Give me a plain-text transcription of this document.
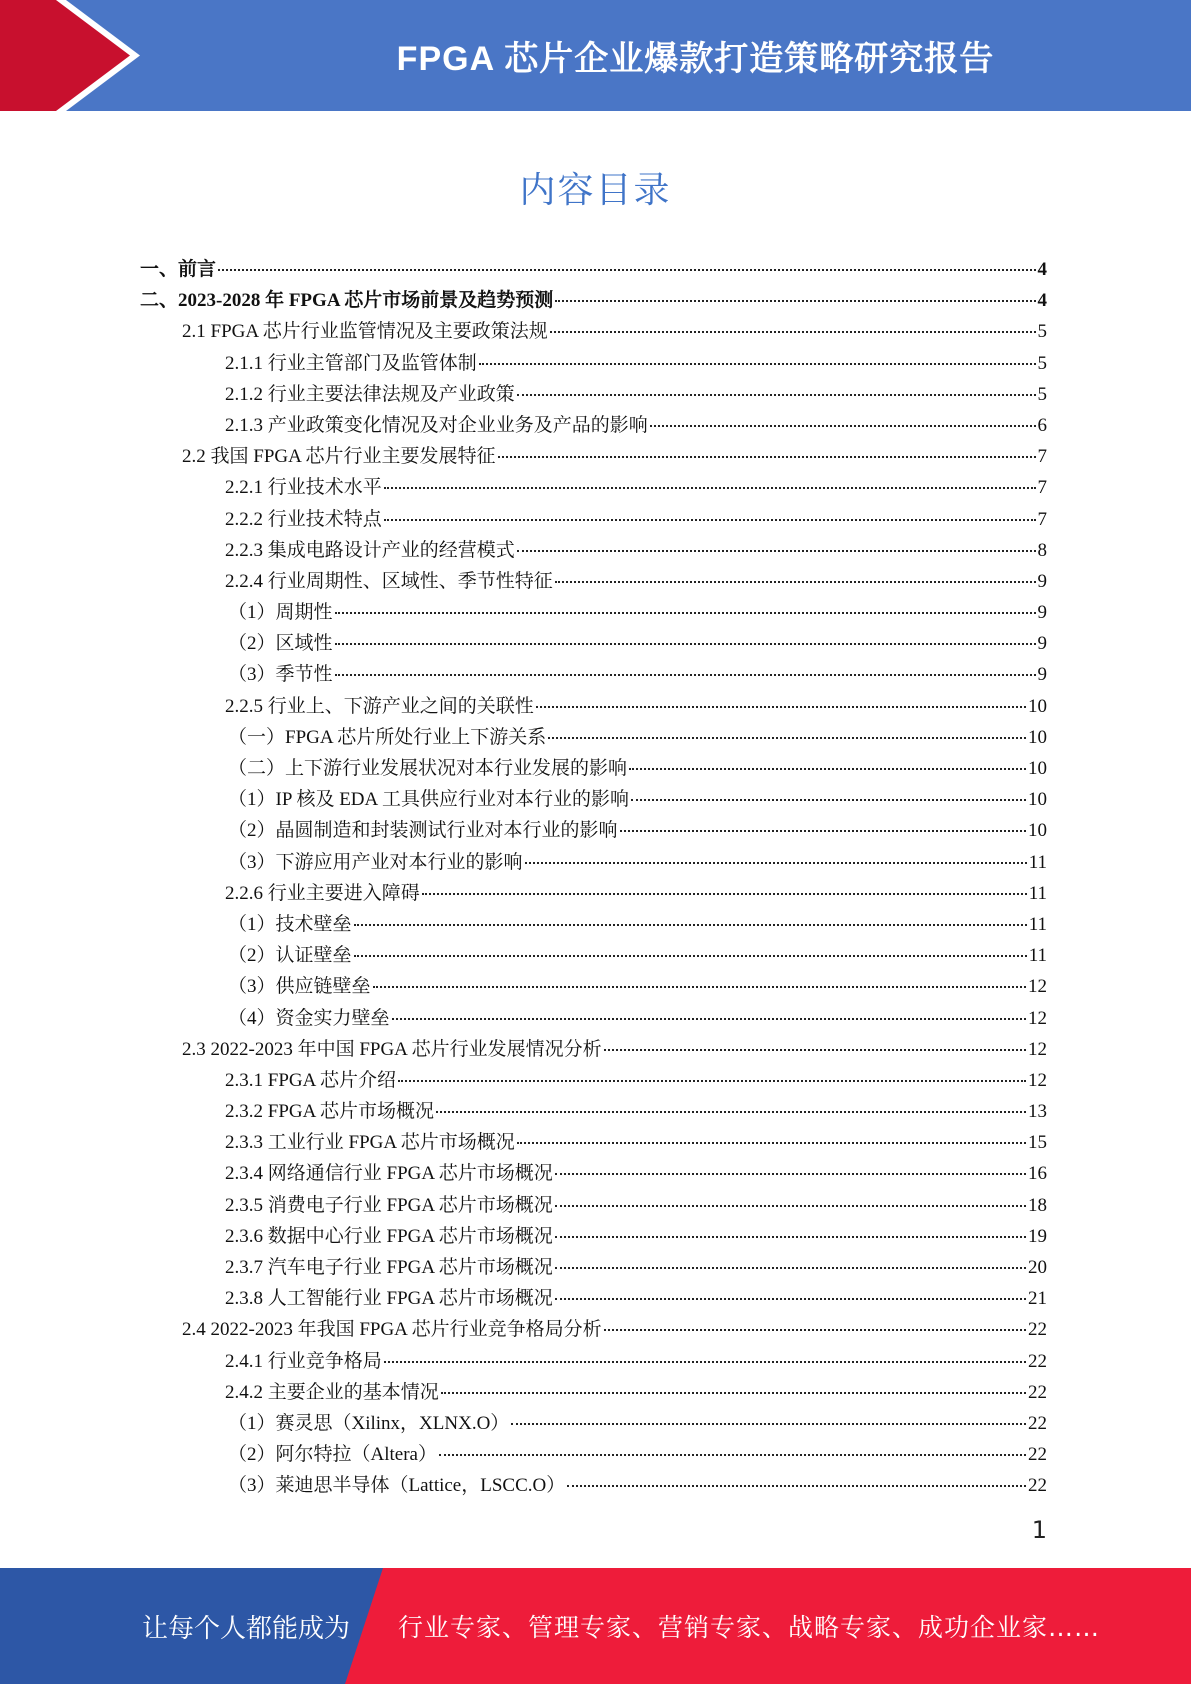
FPGA 芯片企业爆款打造策略研究报告
内容目录
一、前言	4
二、2023-2028 年 FPGA 芯片市场前景及趋势预测	4
2.1 FPGA 芯片行业监管情况及主要政策法规	5
2.1.1 行业主管部门及监管体制	5
2.1.2 行业主要法律法规及产业政策	5
2.1.3 产业政策变化情况及对企业业务及产品的影响	6
2.2 我国 FPGA 芯片行业主要发展特征	7
2.2.1 行业技术水平	7
2.2.2 行业技术特点	7
2.2.3 集成电路设计产业的经营模式	8
2.2.4 行业周期性、区域性、季节性特征	9
（1）周期性	9
（2）区域性	9
（3）季节性	9
2.2.5 行业上、下游产业之间的关联性	10
（一）FPGA 芯片所处行业上下游关系	10
（二）上下游行业发展状况对本行业发展的影响	10
（1）IP 核及 EDA 工具供应行业对本行业的影响	10
（2）晶圆制造和封装测试行业对本行业的影响	10
（3）下游应用产业对本行业的影响	11
2.2.6 行业主要进入障碍	11
（1）技术壁垒	11
（2）认证壁垒	11
（3）供应链壁垒	12
（4）资金实力壁垒	12
2.3 2022-2023 年中国 FPGA 芯片行业发展情况分析	12
2.3.1 FPGA 芯片介绍	12
2.3.2 FPGA 芯片市场概况	13
2.3.3 工业行业 FPGA 芯片市场概况	15
2.3.4 网络通信行业 FPGA 芯片市场概况	16
2.3.5 消费电子行业 FPGA 芯片市场概况	18
2.3.6 数据中心行业 FPGA 芯片市场概况	19
2.3.7 汽车电子行业 FPGA 芯片市场概况	20
2.3.8 人工智能行业 FPGA 芯片市场概况	21
2.4 2022-2023 年我国 FPGA 芯片行业竞争格局分析	22
2.4.1 行业竞争格局	22
2.4.2 主要企业的基本情况	22
（1）赛灵思（Xilinx，XLNX.O）	22
（2）阿尔特拉（Altera）	22
（3）莱迪思半导体（Lattice，LSCC.O）	22
1
让每个人都能成为 行业专家、管理专家、营销专家、战略专家、成功企业家……
